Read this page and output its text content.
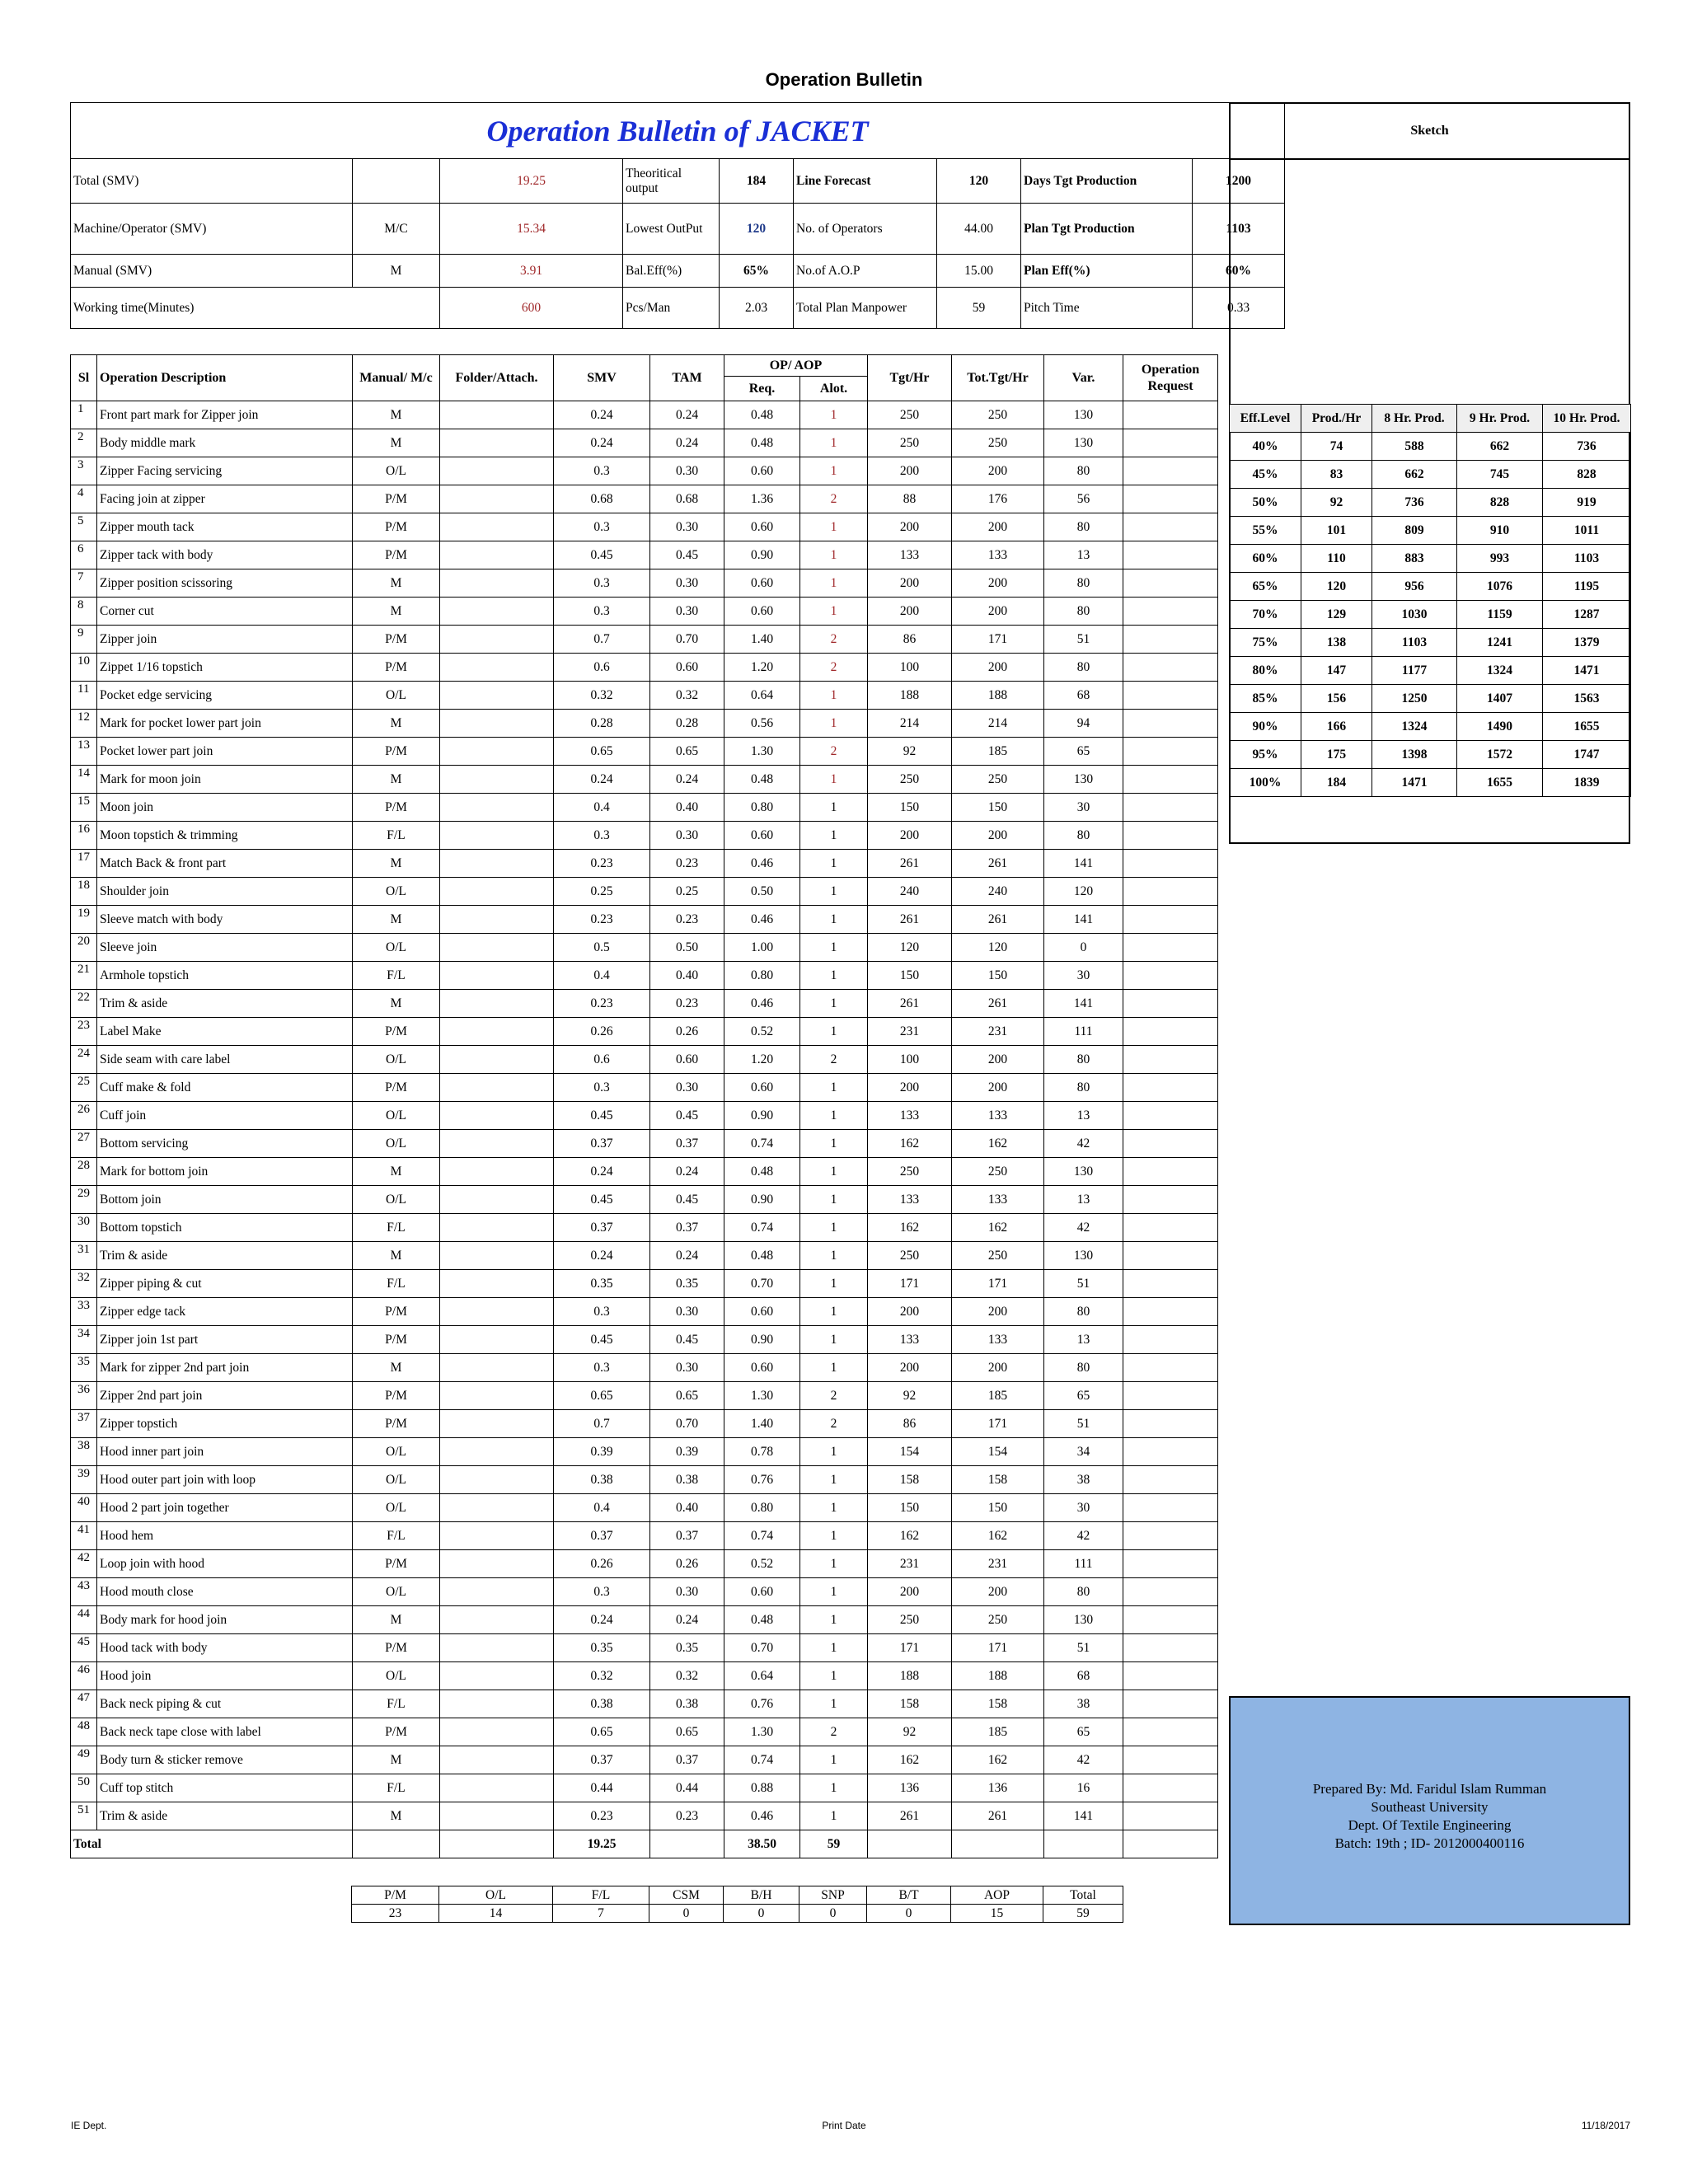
Operation Bulletin
Operation Bulletin of JACKET								
Total (SMV)		19.25	Theoritical output	184	Line Forecast	120	Days Tgt Production	1200
Machine/Operator (SMV)	M/C	15.34	Lowest OutPut	120	No. of Operators	44.00	Plan Tgt Production	1103
Manual (SMV)	M	3.91	Bal.Eff(%)	65%	No.of A.O.P	15.00	Plan Eff(%)	60%
Working time(Minutes)		600	Pcs/Man	2.03	Total Plan Manpower	59	Pitch Time	0.33
Sketch
Sl	Operation Description	Manual/ M/c	Folder/Attach.	SMV	TAM	OP/ AOP		Tgt/Hr	Tot.Tgt/Hr	Var.	Operation Request
						Req.	Alot.				

1	Front part mark for Zipper join	M		0.24	0.24	0.48	1	250	250	130	

2	Body middle mark	M		0.24	0.24	0.48	1	250	250	130	

3	Zipper Facing servicing	O/L		0.3	0.30	0.60	1	200	200	80	

4	Facing join at zipper	P/M		0.68	0.68	1.36	2	88	176	56	

5	Zipper mouth tack	P/M		0.3	0.30	0.60	1	200	200	80	

6	Zipper tack with body	P/M		0.45	0.45	0.90	1	133	133	13	

7	Zipper position scissoring	M		0.3	0.30	0.60	1	200	200	80	

8	Corner cut	M		0.3	0.30	0.60	1	200	200	80	

9	Zipper join	P/M		0.7	0.70	1.40	2	86	171	51	

10	Zippet 1/16 topstich	P/M		0.6	0.60	1.20	2	100	200	80	

11	Pocket edge servicing	O/L		0.32	0.32	0.64	1	188	188	68	

12	Mark for pocket lower part join	M		0.28	0.28	0.56	1	214	214	94	

13	Pocket lower part join	P/M		0.65	0.65	1.30	2	92	185	65	

14	Mark for moon join	M		0.24	0.24	0.48	1	250	250	130	

15	Moon join	P/M		0.4	0.40	0.80	1	150	150	30	

16	Moon topstich & trimming	F/L		0.3	0.30	0.60	1	200	200	80	

17	Match Back & front part	M		0.23	0.23	0.46	1	261	261	141	

18	Shoulder join	O/L		0.25	0.25	0.50	1	240	240	120	

19	Sleeve match with body	M		0.23	0.23	0.46	1	261	261	141	

20	Sleeve join	O/L		0.5	0.50	1.00	1	120	120	0	

21	Armhole topstich	F/L		0.4	0.40	0.80	1	150	150	30	

22	Trim & aside	M		0.23	0.23	0.46	1	261	261	141	

23	Label Make	P/M		0.26	0.26	0.52	1	231	231	111	

24	Side seam with care label	O/L		0.6	0.60	1.20	2	100	200	80	

25	Cuff make & fold	P/M		0.3	0.30	0.60	1	200	200	80	

26	Cuff join	O/L		0.45	0.45	0.90	1	133	133	13	

27	Bottom servicing	O/L		0.37	0.37	0.74	1	162	162	42	

28	Mark for bottom join	M		0.24	0.24	0.48	1	250	250	130	

29	Bottom join	O/L		0.45	0.45	0.90	1	133	133	13	

30	Bottom topstich	F/L		0.37	0.37	0.74	1	162	162	42	

31	Trim & aside	M		0.24	0.24	0.48	1	250	250	130	

32	Zipper piping & cut	F/L		0.35	0.35	0.70	1	171	171	51	

33	Zipper edge tack	P/M		0.3	0.30	0.60	1	200	200	80	

34	Zipper join 1st part	P/M		0.45	0.45	0.90	1	133	133	13	

35	Mark for zipper 2nd part join	M		0.3	0.30	0.60	1	200	200	80	

36	Zipper 2nd part join	P/M		0.65	0.65	1.30	2	92	185	65	

37	Zipper topstich	P/M		0.7	0.70	1.40	2	86	171	51	

38	Hood inner part join	O/L		0.39	0.39	0.78	1	154	154	34	

39	Hood outer part join with loop	O/L		0.38	0.38	0.76	1	158	158	38	

40	Hood 2 part join together	O/L		0.4	0.40	0.80	1	150	150	30	

41	Hood hem	F/L		0.37	0.37	0.74	1	162	162	42	

42	Loop join with hood	P/M		0.26	0.26	0.52	1	231	231	111	

43	Hood mouth close	O/L		0.3	0.30	0.60	1	200	200	80	

44	Body mark for hood join	M		0.24	0.24	0.48	1	250	250	130	

45	Hood tack with body	P/M		0.35	0.35	0.70	1	171	171	51	

46	Hood join	O/L		0.32	0.32	0.64	1	188	188	68	

47	Back neck piping & cut	F/L		0.38	0.38	0.76	1	158	158	38	

48	Back neck tape close with label	P/M		0.65	0.65	1.30	2	92	185	65	

49	Body turn & sticker remove	M		0.37	0.37	0.74	1	162	162	42	

50	Cuff top stitch	F/L		0.44	0.44	0.88	1	136	136	16	

51	Trim & aside	M		0.23	0.23	0.46	1	261	261	141	
Total				19.25		38.50	59				
Eff.Level	Prod./Hr	8 Hr. Prod.	9 Hr. Prod.	10 Hr. Prod.
40%	74	588	662	736
45%	83	662	745	828
50%	92	736	828	919
55%	101	809	910	1011
60%	110	883	993	1103
65%	120	956	1076	1195
70%	129	1030	1159	1287
75%	138	1103	1241	1379
80%	147	1177	1324	1471
85%	156	1250	1407	1563
90%	166	1324	1490	1655
95%	175	1398	1572	1747
100%	184	1471	1655	1839
P/M	O/L	F/L	CSM	B/H	SNP	B/T	AOP	Total
23	14	7	0	0	0	0	15	59
Prepared By: Md. Faridul Islam Rumman
Southeast University
Dept. Of Textile Engineering
Batch: 19th ; ID- 2012000400116
IE Dept.	Print Date	11/18/2017
